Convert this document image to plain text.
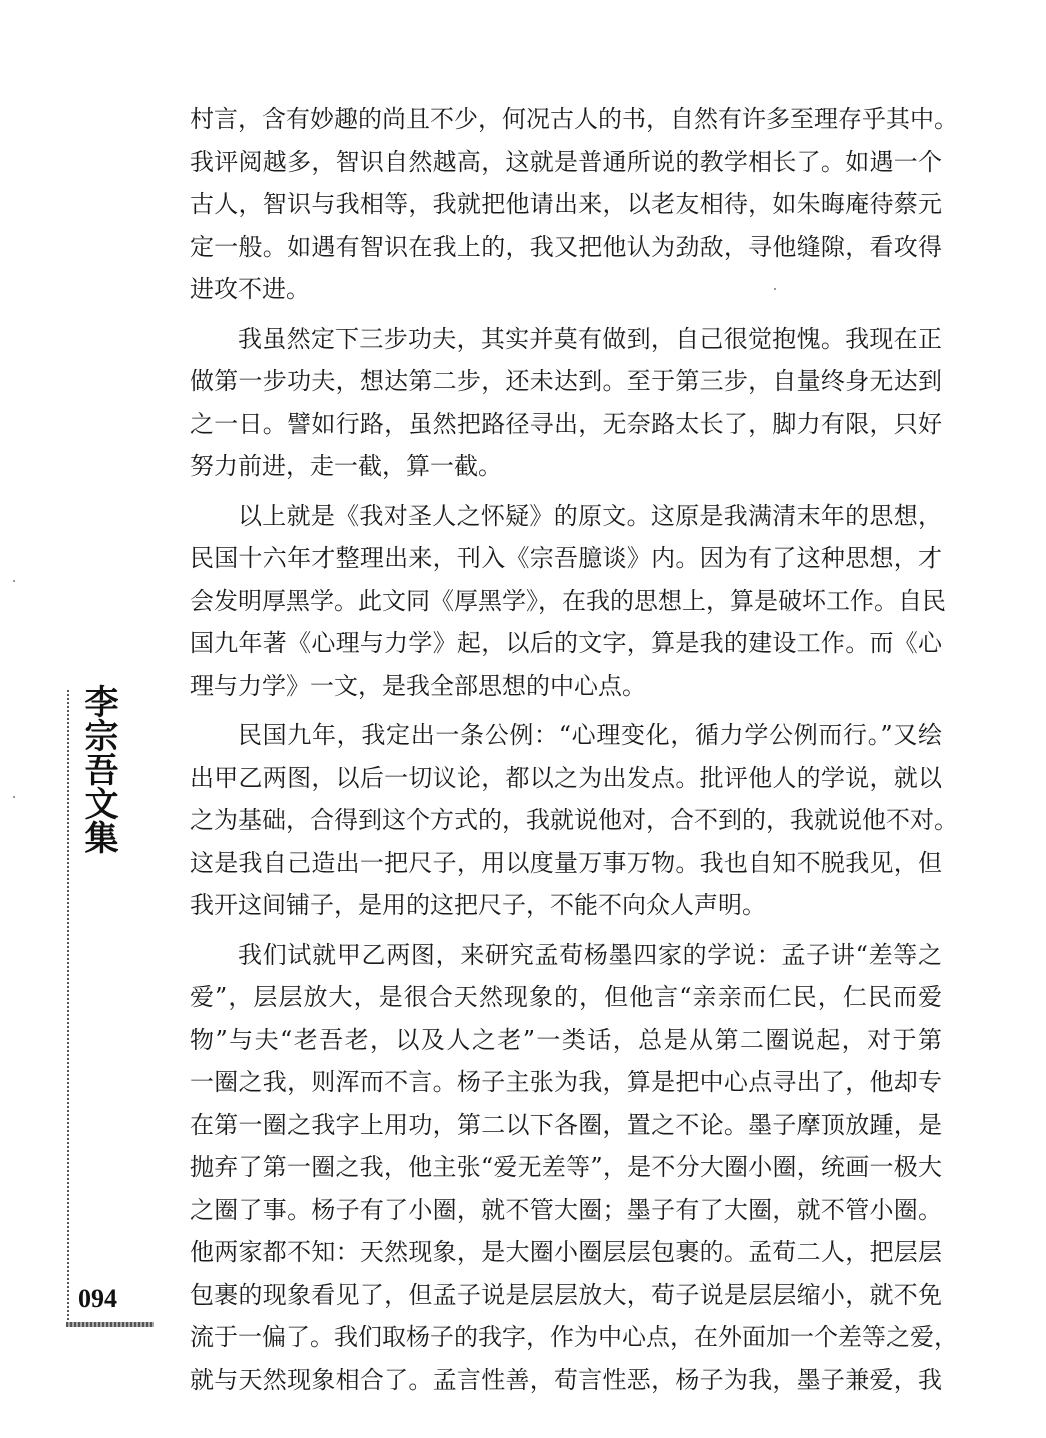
村言，含有妙趣的尚且不少，何况古人的书，自然有许多至理存乎其中。
我评阅越多，智识自然越高，这就是普通所说的教学相长了。如遇一个
古人，智识与我相等，我就把他请出来，以老友相待，如朱晦庵待蔡元
定一般。如遇有智识在我上的，我又把他认为劲敌，寻他缝隙，看攻得
进攻不进。
我虽然定下三步功夫，其实并莫有做到，自己很觉抱愧。我现在正
做第一步功夫，想达第二步，还未达到。至于第三步，自量终身无达到
之一日。譬如行路，虽然把路径寻出，无奈路太长了，脚力有限，只好
努力前进，走一截，算一截。
以上就是《我对圣人之怀疑》的原文。这原是我满清末年的思想，
民国十六年才整理出来，刊入《宗吾臆谈》内。因为有了这种思想，才
会发明厚黑学。此文同《厚黑学》，在我的思想上，算是破坏工作。自民
国九年著《心理与力学》起，以后的文字，算是我的建设工作。而《心
理与力学》一文，是我全部思想的中心点。
民国九年，我定出一条公例：“心理变化，循力学公例而行。”又绘
出甲乙两图，以后一切议论，都以之为出发点。批评他人的学说，就以
之为基础，合得到这个方式的，我就说他对，合不到的，我就说他不对。
这是我自己造出一把尺子，用以度量万事万物。我也自知不脱我见，但
我开这间铺子，是用的这把尺子，不能不向众人声明。
我们试就甲乙两图，来研究孟荀杨墨四家的学说：孟子讲“差等之
爱”，层层放大，是很合天然现象的，但他言“亲亲而仁民，仁民而爱
物”与夫“老吾老，以及人之老”一类话，总是从第二圈说起，对于第
一圈之我，则浑而不言。杨子主张为我，算是把中心点寻出了，他却专
在第一圈之我字上用功，第二以下各圈，置之不论。墨子摩顶放踵，是
抛弃了第一圈之我，他主张“爱无差等”，是不分大圈小圈，统画一极大
之圈了事。杨子有了小圈，就不管大圈；墨子有了大圈，就不管小圈。
他两家都不知：天然现象，是大圈小圈层层包裹的。孟荀二人，把层层
包裹的现象看见了，但孟子说是层层放大，荀子说是层层缩小，就不免
流于一偏了。我们取杨子的我字，作为中心点，在外面加一个差等之爱，
就与天然现象相合了。孟言性善，荀言性恶，杨子为我，墨子兼爱，我
李宗吾文集
094
